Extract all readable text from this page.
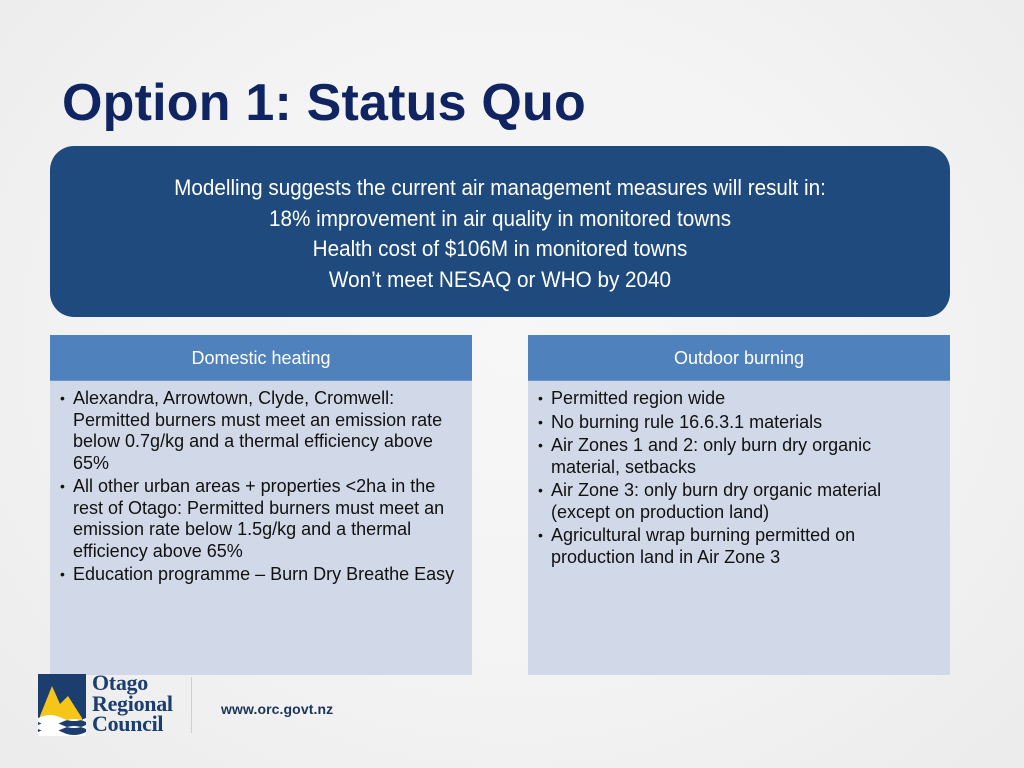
Option 1: Status Quo
Modelling suggests the current air management measures will result in:
18% improvement in air quality in monitored towns
Health cost of $106M in monitored towns
Won’t meet NESAQ or WHO by 2040
Domestic heating
• Alexandra, Arrowtown, Clyde, Cromwell: Permitted burners must meet an emission rate below 0.7g/kg and a thermal efficiency above 65%
• All other urban areas + properties <2ha in the rest of Otago: Permitted burners must meet an emission rate below 1.5g/kg and a thermal efficiency above 65%
• Education programme – Burn Dry Breathe Easy
Outdoor burning
• Permitted region wide
• No burning rule 16.6.3.1 materials
• Air Zones 1 and 2: only burn dry organic material, setbacks
• Air Zone 3: only burn dry organic material (except on production land)
• Agricultural wrap burning permitted on production land in Air Zone 3
Otago
Regional
Council
www.orc.govt.nz
